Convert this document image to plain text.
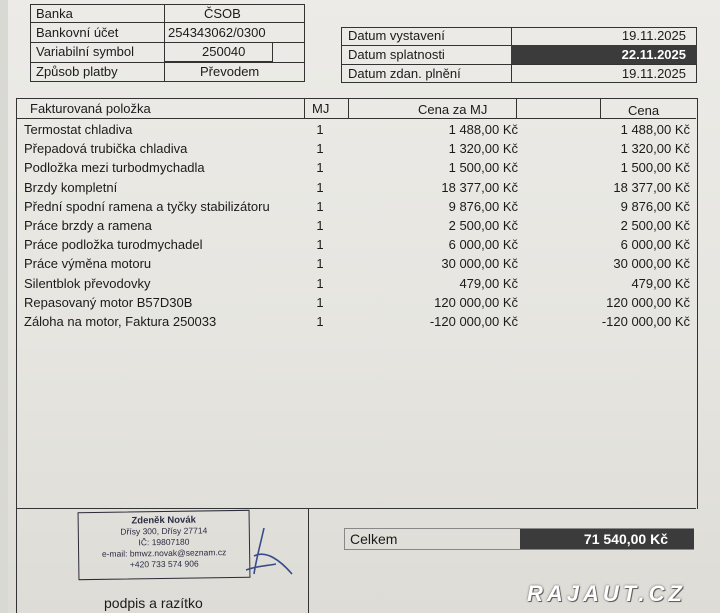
Banka	ČSOB
Bankovní účet	254343062/0300
Variabilní symbol	250040
Způsob platby	Převodem
Datum vystavení	19.11.2025
Datum splatnosti	22.11.2025
Datum zdan. plnění	19.11.2025
Fakturovaná položka	MJ	Cena za MJ	Cena
Termostat chladiva	1	1 488,00 Kč	1 488,00 Kč
Přepadová trubička chladiva	1	1 320,00 Kč	1 320,00 Kč
Podložka mezi turbodmychadla	1	1 500,00 Kč	1 500,00 Kč
Brzdy kompletní	1	18 377,00 Kč	18 377,00 Kč
Přední spodní ramena a tyčky stabilizátoru	1	9 876,00 Kč	9 876,00 Kč
Práce brzdy a ramena	1	2 500,00 Kč	2 500,00 Kč
Práce podložka turodmychadel	1	6 000,00 Kč	6 000,00 Kč
Práce výměna motoru	1	30 000,00 Kč	30 000,00 Kč
Silentblok převodovky	1	479,00 Kč	479,00 Kč
Repasovaný motor B57D30B	1	120 000,00 Kč	120 000,00 Kč
Záloha na motor, Faktura 250033	1	-120 000,00 Kč	-120 000,00 Kč
Zdeněk Novák
Dřísy 300, Dřísy 27714
IČ: 19807180
e-mail: bmwz.novak@seznam.cz
+420 733 574 906
podpis a razítko
Celkem	71 540,00 Kč
RAJAUT.CZ
